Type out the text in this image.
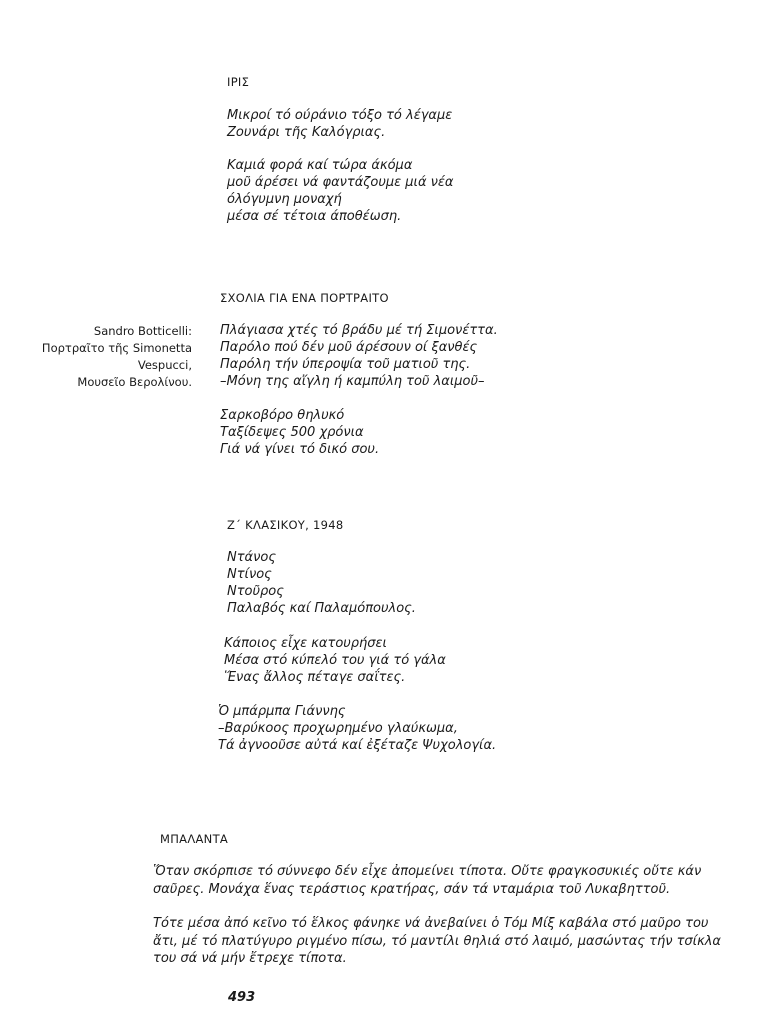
ΙΡΙΣ
Μικροί τό ούράνιο τόξο τό λέγαμε
Ζουνάρι τῆς Καλόγριας.
Καμιά φορά καί τώρα άκόμα
μοῦ άρέσει νά φαντάζουμε μιά νέα
όλόγυμνη μοναχή
μέσα σέ τέτοια άποθέωση.
ΣΧΟΛΙΑ ΓΙΑ ΕΝΑ ΠΟΡΤΡΑΙΤΟ
Sandro Botticelli:
Πορτραῖτο τῆς Simonetta
Vespucci,
Μουσεῖο Βερολίνου.
Πλάγιασα χτές τό βράδυ μέ τή Σιμονέττα.
Παρόλο πού δέν μοῦ άρέσουν οί ξανθές
Παρόλη τήν ύπεροψία τοῦ ματιοῦ της.
–Μόνη της αἴγλη ή καμπύλη τοῦ λαιμοῦ–
Σαρκοβόρο θηλυκό
Ταξίδεψες 500 χρόνια
Γιά νά γίνει τό δικό σου.
Ζ΄ ΚΛΑΣΙΚΟΥ, 1948
Ντάνος
Ντίνος
Ντοῦρος
Παλαβός καί Παλαμόπουλος.
Κάποιος εἶχε κατουρήσει
Μέσα στό κύπελό του γιά τό γάλα
Ἕνας ἄλλος πέταγε σαΐτες.
Ὁ μπάρμπα Γιάννης
–Βαρύκοος προχωρημένο γλαύκωμα,
Τά ἀγνοοῦσε αὐτά καί ἐξέταζε Ψυχολογία.
ΜΠΑΛΑΝΤΑ
Ὅταν σκόρπισε τό σύννεφο δέν εἶχε ἀπομείνει τίποτα. Οὔτε φραγκοσυκιές οὔτε κάν σαῦρες. Μονάχα ἕνας τεράστιος κρατήρας, σάν τά νταμάρια τοῦ Λυκαβηττοῦ.
Τότε μέσα ἀπό κεῖνο τό ἕλκος φάνηκε νά ἀνεβαίνει ὁ Τόμ Μίξ καβάλα στό μαῦρο του ἄτι, μέ τό πλατύγυρο ριγμένο πίσω, τό μαντίλι θηλιά στό λαιμό, μασώντας τήν τσίκλα του σά νά μήν ἔτρεχε τίποτα.
493
